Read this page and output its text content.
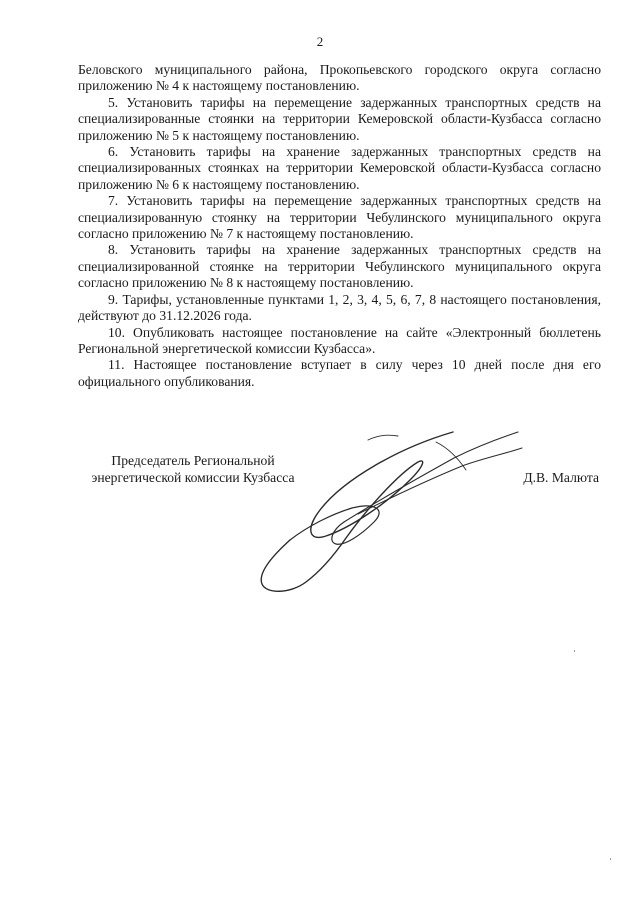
2

Беловского муниципального района, Прокопьевского городского округа согласно приложению № 4 к настоящему постановлению.

5. Установить тарифы на перемещение задержанных транспортных средств на специализированные стоянки на территории Кемеровской области-Кузбасса согласно приложению № 5 к настоящему постановлению.

6. Установить тарифы на хранение задержанных транспортных средств на специализированных стоянках на территории Кемеровской области-Кузбасса согласно приложению № 6 к настоящему постановлению.

7. Установить тарифы на перемещение задержанных транспортных средств на специализированную стоянку на территории Чебулинского муниципального округа согласно приложению № 7 к настоящему постановлению.

8. Установить тарифы на хранение задержанных транспортных средств на специализированной стоянке на территории Чебулинского муниципального округа согласно приложению № 8 к настоящему постановлению.

9. Тарифы, установленные пунктами 1, 2, 3, 4, 5, 6, 7, 8 настоящего постановления, действуют до 31.12.2026 года.

10. Опубликовать настоящее постановление на сайте «Электронный бюллетень Региональной энергетической комиссии Кузбасса».

11. Настоящее постановление вступает в силу через 10 дней после дня его официального опубликования.

Председатель Региональной
энергетической комиссии Кузбасса	Д.В. Малюта
